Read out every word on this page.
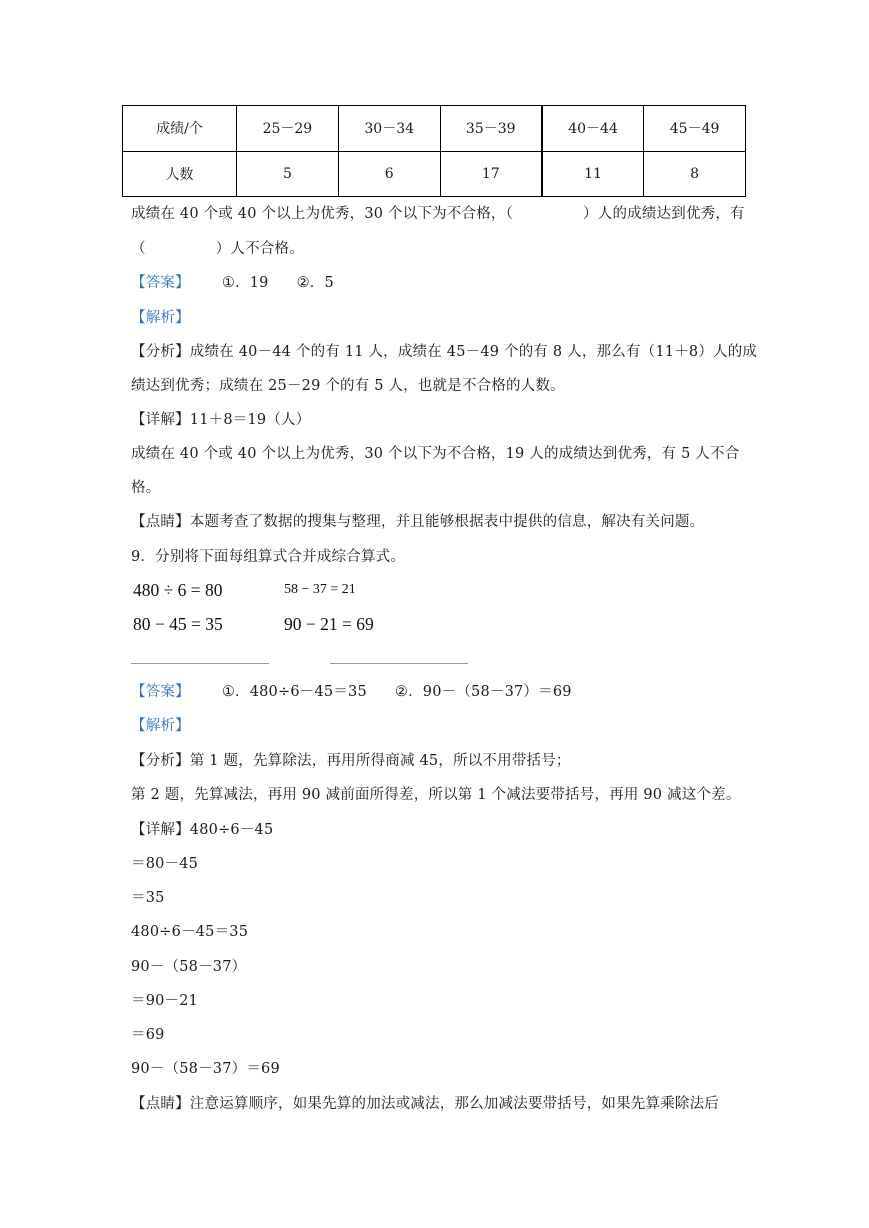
成绩/个	25－29	30－34	35－39	40－44	45－49
人数	5	6	17	11	8
成绩在 40 个或 40 个以上为优秀，30 个以下为不合格，（	）人的成绩达到优秀，有
（	）人不合格。
【答案】 ①．19 ②．5
【解析】
【分析】成绩在 40－44 个的有 11 人，成绩在 45－49 个的有 8 人，那么有（11＋8）人的成
绩达到优秀；成绩在 25－29 个的有 5 人，也就是不合格的人数。
【详解】11＋8＝19（人）
成绩在 40 个或 40 个以上为优秀，30 个以下为不合格，19 人的成绩达到优秀，有 5 人不合
格。
【点睛】本题考查了数据的搜集与整理，并且能够根据表中提供的信息，解决有关问题。
9．分别将下面每组算式合并成综合算式。
480 ÷ 6 = 80	58 − 37 = 21
80 − 45 = 35	90 − 21 = 69
【答案】 ①．480÷6－45＝35 ②．90－（58－37）＝69
【解析】
【分析】第 1 题，先算除法，再用所得商减 45，所以不用带括号；
第 2 题，先算减法，再用 90 减前面所得差，所以第 1 个减法要带括号，再用 90 减这个差。
【详解】480÷6－45
＝80－45
＝35
480÷6－45＝35
90－（58－37）
＝90－21
＝69
90－（58－37）＝69
【点睛】注意运算顺序，如果先算的加法或减法，那么加减法要带括号，如果先算乘除法后
